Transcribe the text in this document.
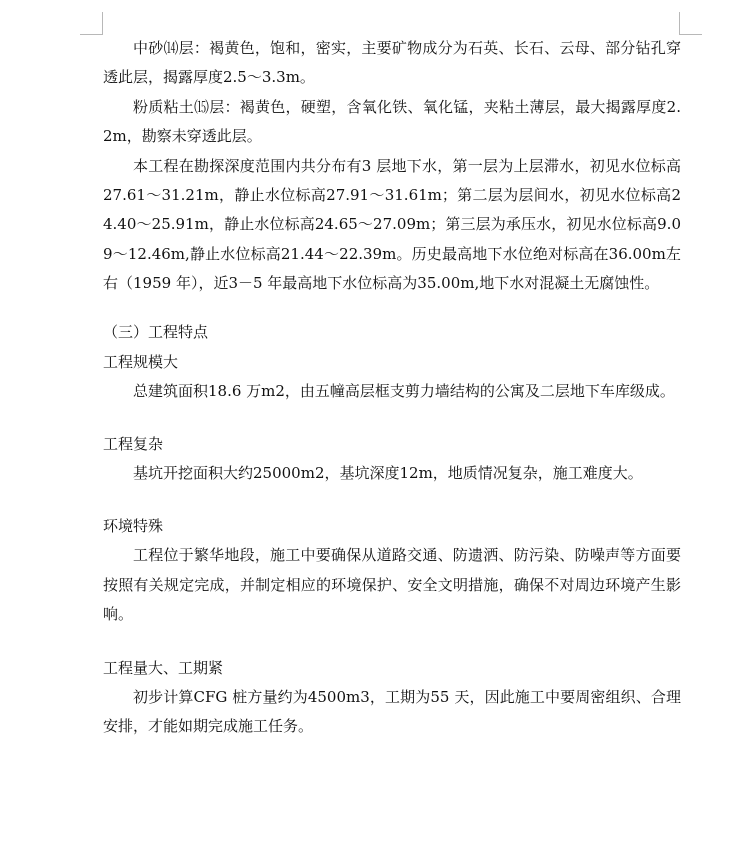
中砂⒁层：褐黄色，饱和，密实，主要矿物成分为石英、长石、云母、部分钻孔穿透此层，揭露厚度2.5～3.3m。

粉质粘土⒂层：褐黄色，硬塑，含氧化铁、氧化锰，夹粘土薄层，最大揭露厚度2.2m，勘察未穿透此层。

本工程在勘探深度范围内共分布有3 层地下水，第一层为上层滞水，初见水位标高27.61～31.21m，静止水位标高27.91～31.61m；第二层为层间水，初见水位标高24.40～25.91m，静止水位标高24.65～27.09m；第三层为承压水，初见水位标高9.09～12.46m,静止水位标高21.44～22.39m。历史最高地下水位绝对标高在36.00m左右（1959 年），近3－5 年最高地下水位标高为35.00m,地下水对混凝土无腐蚀性。

（三）工程特点

工程规模大

总建筑面积18.6 万m2，由五幢高层框支剪力墙结构的公寓及二层地下车库级成。

工程复杂

基坑开挖面积大约25000m2，基坑深度12m，地质情况复杂，施工难度大。

环境特殊

工程位于繁华地段，施工中要确保从道路交通、防遗洒、防污染、防噪声等方面要按照有关规定完成，并制定相应的环境保护、安全文明措施，确保不对周边环境产生影响。

工程量大、工期紧

初步计算CFG 桩方量约为4500m3，工期为55 天，因此施工中要周密组织、合理安排，才能如期完成施工任务。
